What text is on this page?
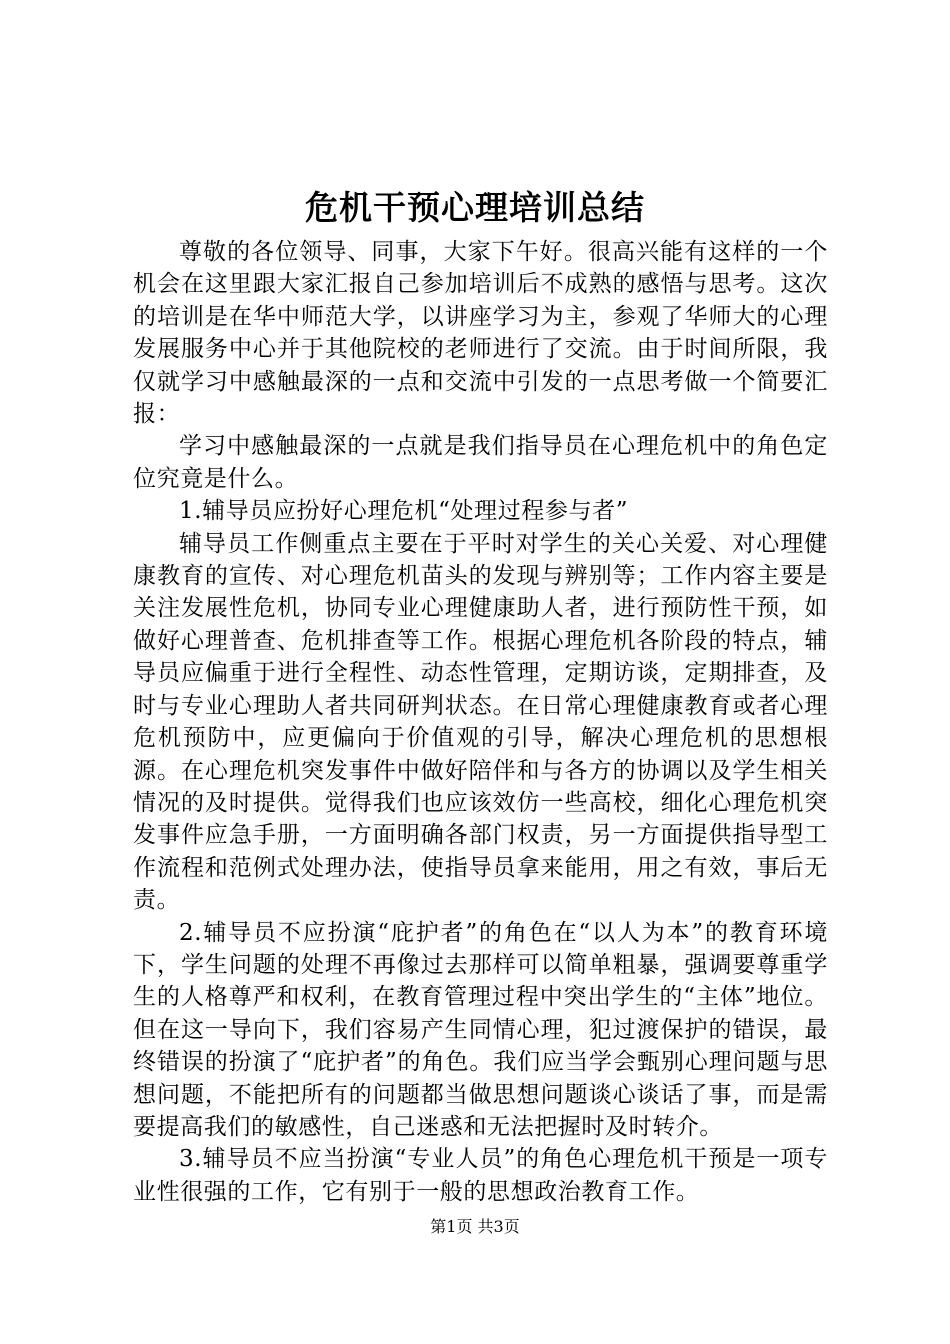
危机干预心理培训总结

尊敬的各位领导、同事，大家下午好。很高兴能有这样的一个机会在这里跟大家汇报自己参加培训后不成熟的感悟与思考。这次的培训是在华中师范大学，以讲座学习为主，参观了华师大的心理发展服务中心并于其他院校的老师进行了交流。由于时间所限，我仅就学习中感触最深的一点和交流中引发的一点思考做一个简要汇报：

学习中感触最深的一点就是我们指导员在心理危机中的角色定位究竟是什么。

1.辅导员应扮好心理危机“处理过程参与者”

辅导员工作侧重点主要在于平时对学生的关心关爱、对心理健康教育的宣传、对心理危机苗头的发现与辨别等；工作内容主要是关注发展性危机，协同专业心理健康助人者，进行预防性干预，如做好心理普查、危机排查等工作。根据心理危机各阶段的特点，辅导员应偏重于进行全程性、动态性管理，定期访谈，定期排查，及时与专业心理助人者共同研判状态。在日常心理健康教育或者心理危机预防中，应更偏向于价值观的引导，解决心理危机的思想根源。在心理危机突发事件中做好陪伴和与各方的协调以及学生相关情况的及时提供。觉得我们也应该效仿一些高校，细化心理危机突发事件应急手册，一方面明确各部门权责，另一方面提供指导型工作流程和范例式处理办法，使指导员拿来能用，用之有效，事后无责。

2.辅导员不应扮演“庇护者”的角色在“以人为本”的教育环境下，学生问题的处理不再像过去那样可以简单粗暴，强调要尊重学生的人格尊严和权利，在教育管理过程中突出学生的“主体”地位。但在这一导向下，我们容易产生同情心理，犯过渡保护的错误，最终错误的扮演了“庇护者”的角色。我们应当学会甄别心理问题与思想问题，不能把所有的问题都当做思想问题谈心谈话了事，而是需要提高我们的敏感性，自己迷惑和无法把握时及时转介。

3.辅导员不应当扮演“专业人员”的角色心理危机干预是一项专业性很强的工作，它有别于一般的思想政治教育工作。

第1页 共3页
